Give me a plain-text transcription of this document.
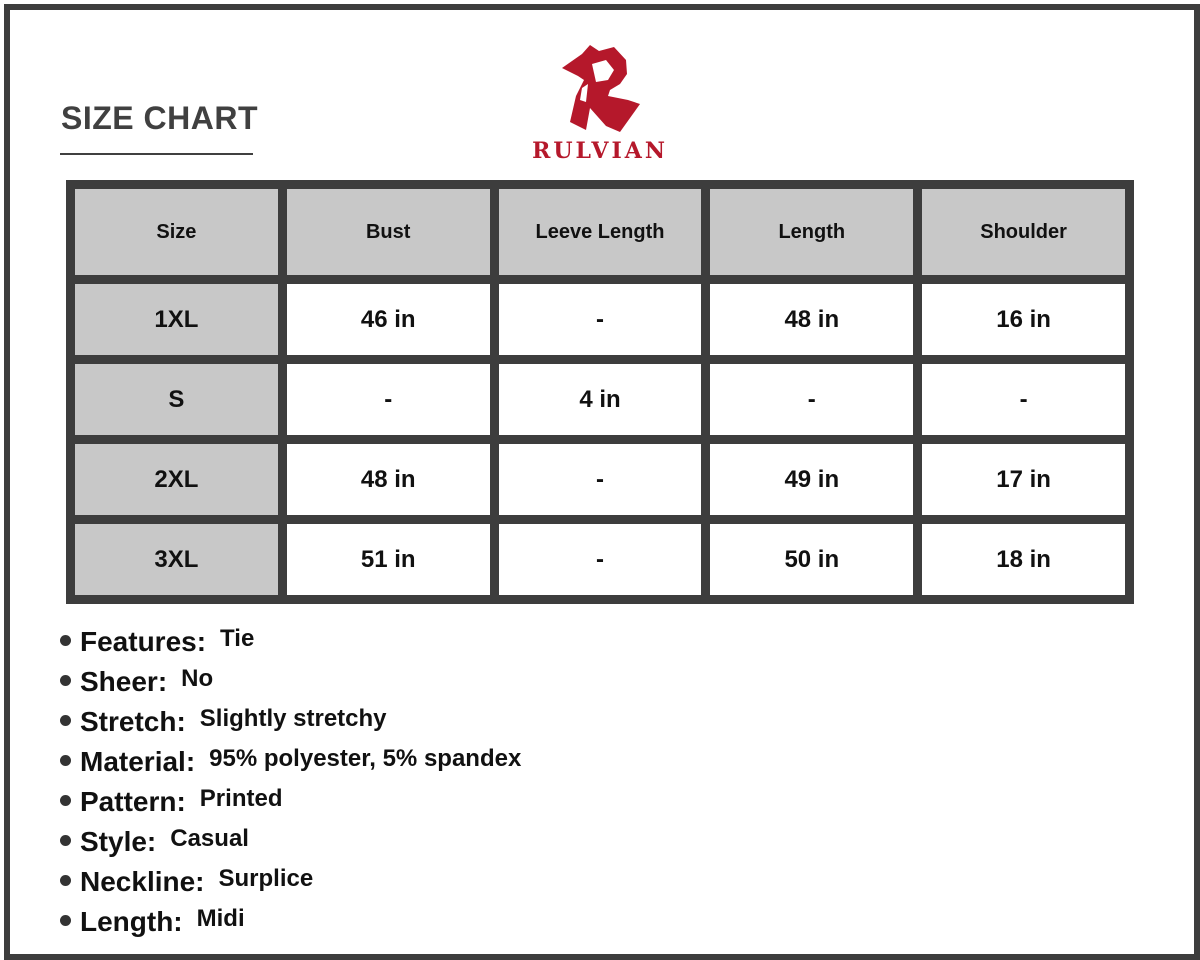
SIZE CHART
RULVIAN
Size	Bust	Leeve Length	Length	Shoulder
1XL	46 in	-	48 in	16 in
S	-	4 in	-	-
2XL	48 in	-	49 in	17 in
3XL	51 in	-	50 in	18 in
Features: Tie
Sheer: No
Stretch: Slightly stretchy
Material: 95% polyester, 5% spandex
Pattern: Printed
Style: Casual
Neckline: Surplice
Length: Midi
